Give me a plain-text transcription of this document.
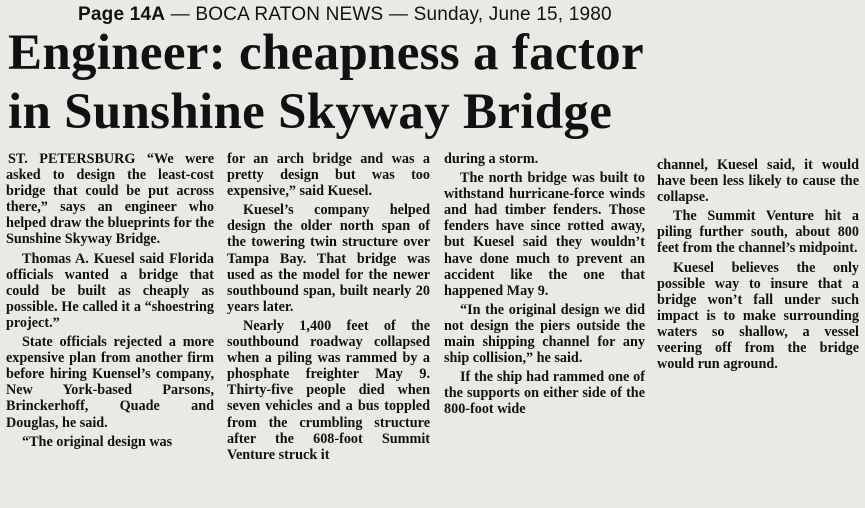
Page 14A — BOCA RATON NEWS — Sunday, June 15, 1980
Engineer: cheapness a factor
in Sunshine Skyway Bridge

ST. PETERSBURG “We were asked to design the least-cost bridge that could be put across there,” says an engineer who helped draw the blueprints for the Sunshine Skyway Bridge.

Thomas A. Kuesel said Florida officials wanted a bridge that could be built as cheaply as possible. He called it a “shoestring project.”

State officials rejected a more expensive plan from another firm before hiring Kuensel’s company, New York-based Parsons, Brinckerhoff, Quade and Douglas, he said.

“The original design was

for an arch bridge and was a pretty design but was too expensive,” said Kuesel.

Kuesel’s company helped design the older north span of the towering twin structure over Tampa Bay. That bridge was used as the model for the newer southbound span, built nearly 20 years later.

Nearly 1,400 feet of the southbound roadway collapsed when a piling was rammed by a phosphate freighter May 9. Thirty-five people died when seven vehicles and a bus toppled from the crumbling structure after the 608-foot Summit Venture struck it

during a storm.

The north bridge was built to withstand hurricane-force winds and had timber fenders. Those fenders have since rotted away, but Kuesel said they wouldn’t have done much to prevent an accident like the one that happened May 9.

“In the original design we did not design the piers outside the main shipping channel for any ship collision,” he said.

If the ship had rammed one of the supports on either side of the 800-foot wide

channel, Kuesel said, it would have been less likely to cause the collapse.

The Summit Venture hit a piling further south, about 800 feet from the channel’s midpoint.

Kuesel believes the only possible way to insure that a bridge won’t fall under such impact is to make surrounding waters so shallow, a vessel veering off from the bridge would run aground.
